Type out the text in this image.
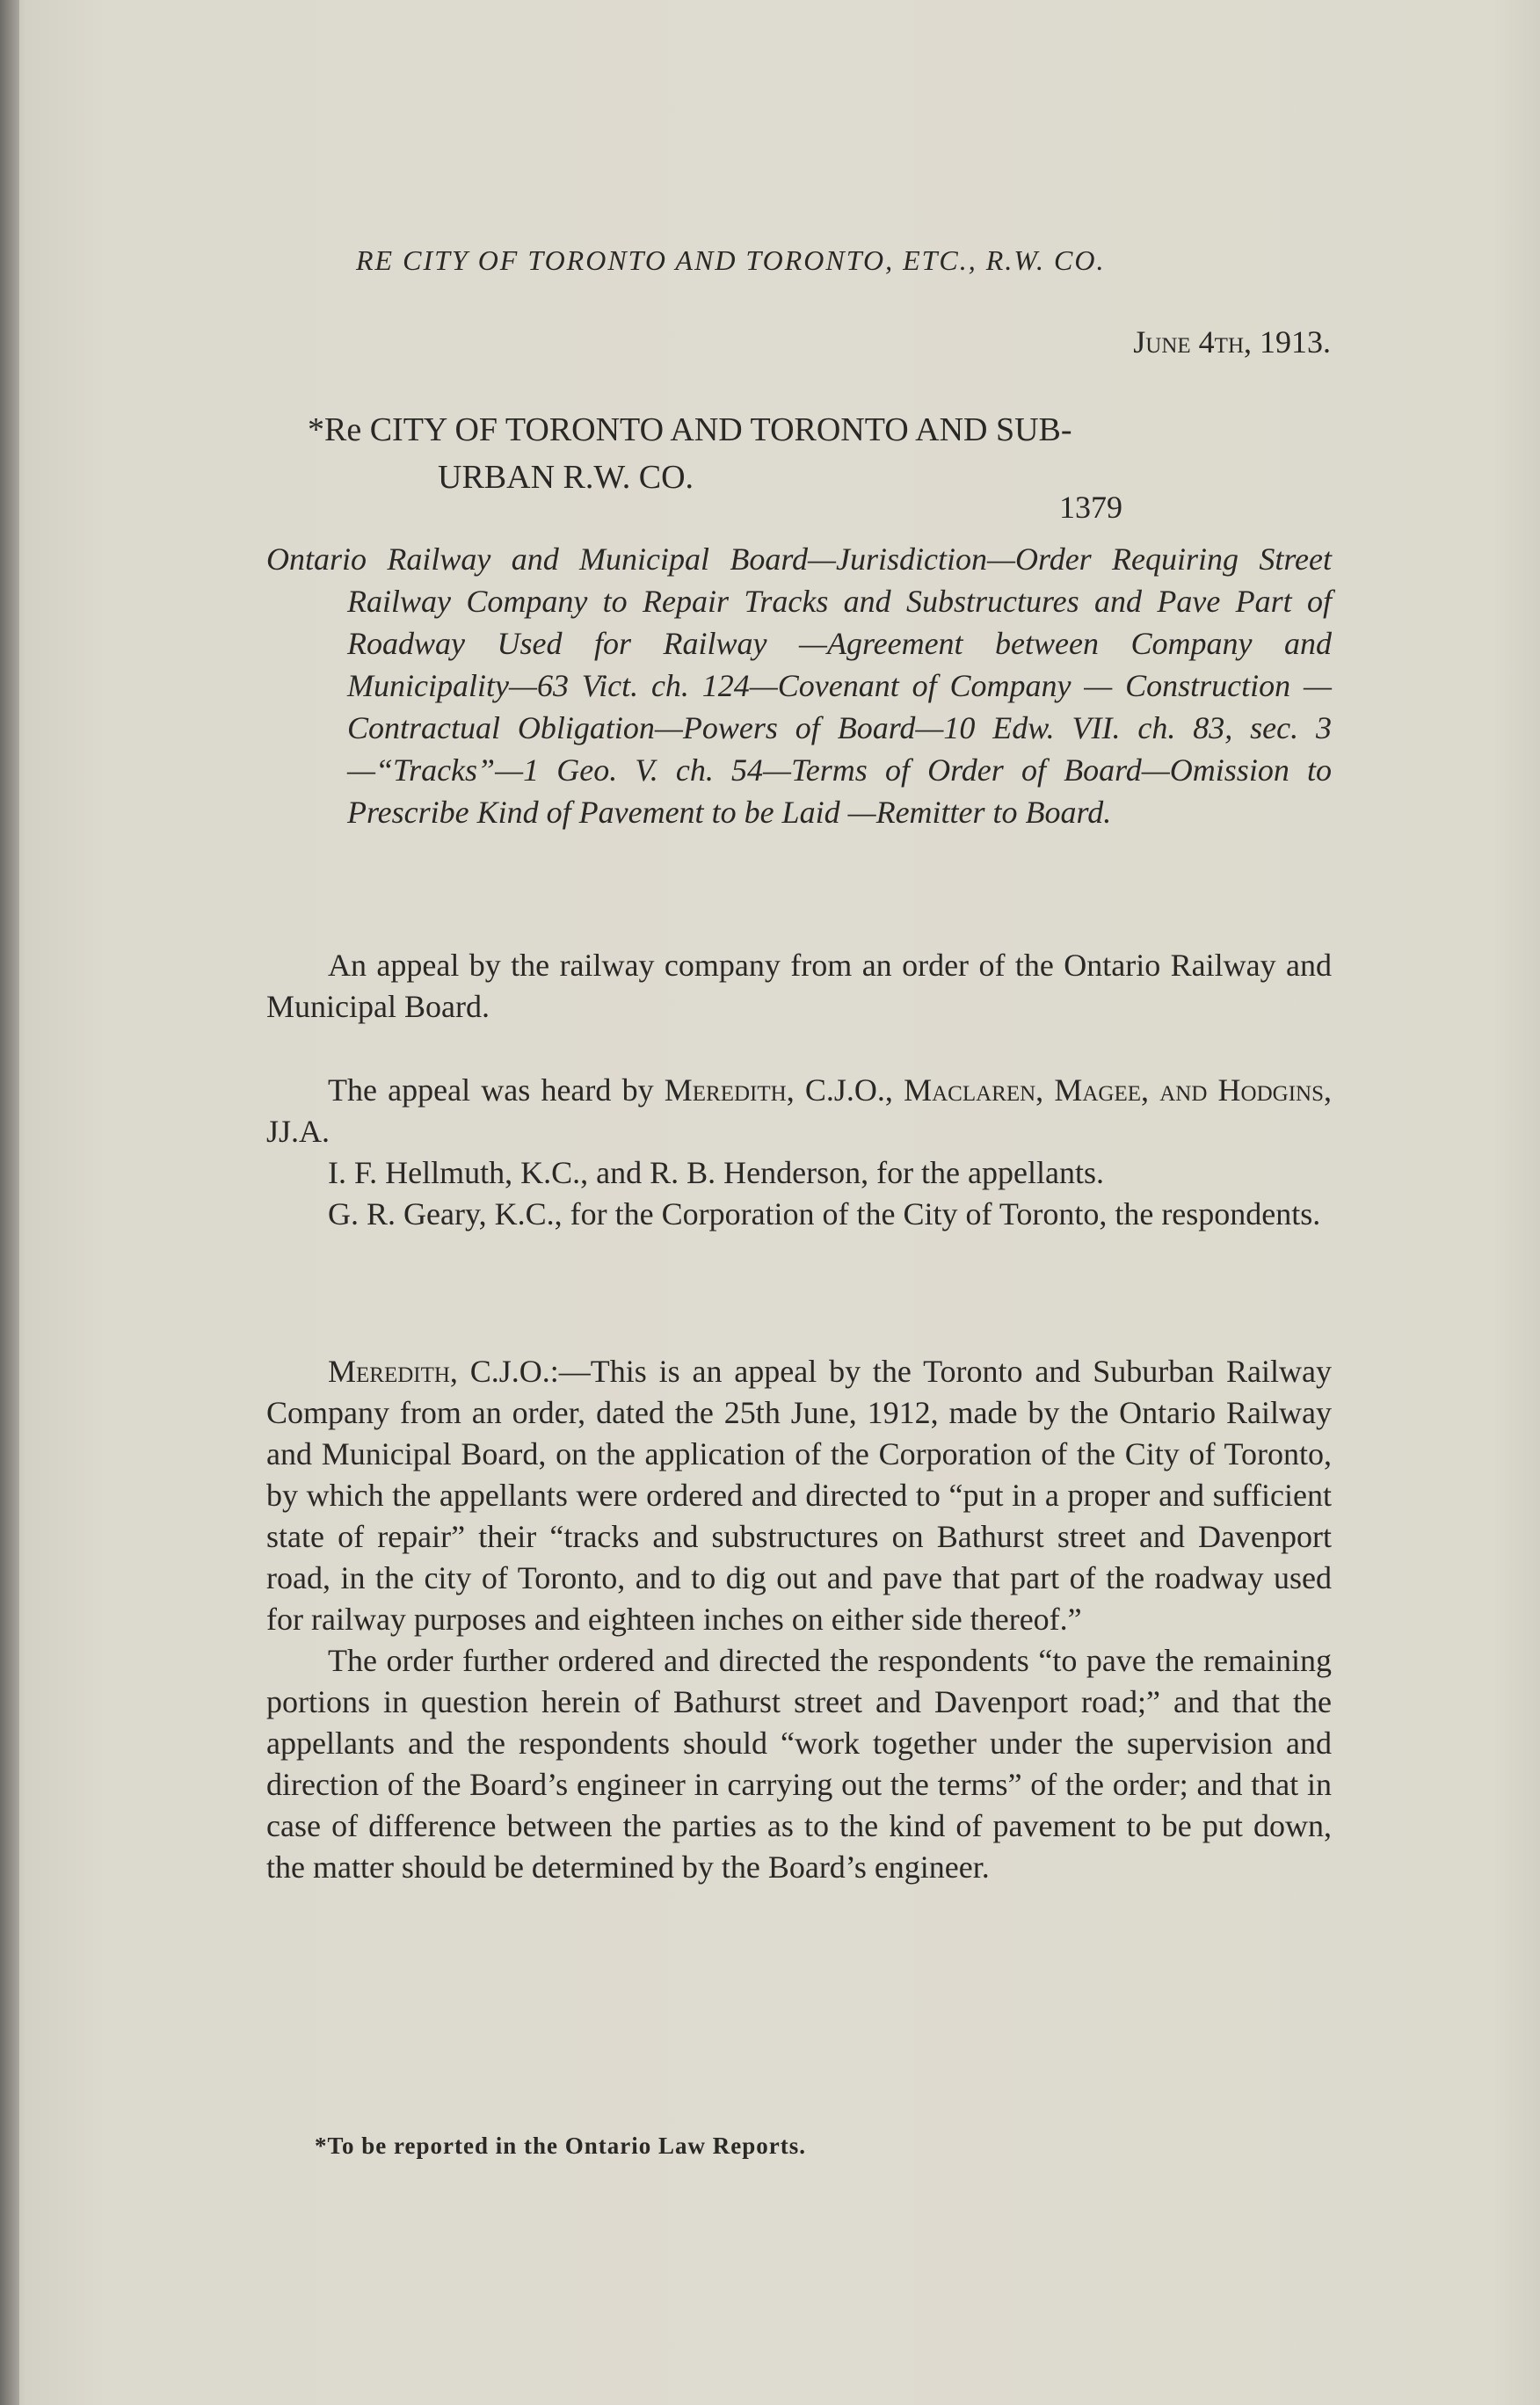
RE CITY OF TORONTO AND TORONTO, ETC., R.W. CO.
1379
June 4th, 1913.
*Re CITY OF TORONTO AND TORONTO AND SUB-
URBAN R.W. CO.
Ontario Railway and Municipal Board—Jurisdiction—Order Requiring Street Railway Company to Repair Tracks and Substructures and Pave Part of Roadway Used for Railway —Agreement between Company and Municipality—63 Vict. ch. 124—Covenant of Company — Construction — Contractual Obligation—Powers of Board—10 Edw. VII. ch. 83, sec. 3—“Tracks”—1 Geo. V. ch. 54—Terms of Order of Board—Omission to Prescribe Kind of Pavement to be Laid —Remitter to Board.

An appeal by the railway company from an order of the Ontario Railway and Municipal Board.

The appeal was heard by Meredith, C.J.O., Maclaren, Magee, and Hodgins, JJ.A.

I. F. Hellmuth, K.C., and R. B. Henderson, for the appellants.

G. R. Geary, K.C., for the Corporation of the City of Toronto, the respondents.

Meredith, C.J.O.:—This is an appeal by the Toronto and Suburban Railway Company from an order, dated the 25th June, 1912, made by the Ontario Railway and Municipal Board, on the application of the Corporation of the City of Toronto, by which the appellants were ordered and directed to “put in a proper and sufficient state of repair” their “tracks and substructures on Bathurst street and Davenport road, in the city of Toronto, and to dig out and pave that part of the roadway used for railway purposes and eighteen inches on either side thereof.”

The order further ordered and directed the respondents “to pave the remaining portions in question herein of Bathurst street and Davenport road;” and that the appellants and the respondents should “work together under the supervision and direction of the Board’s engineer in carrying out the terms” of the order; and that in case of difference between the parties as to the kind of pavement to be put down, the matter should be determined by the Board’s engineer.

*To be reported in the Ontario Law Reports.
